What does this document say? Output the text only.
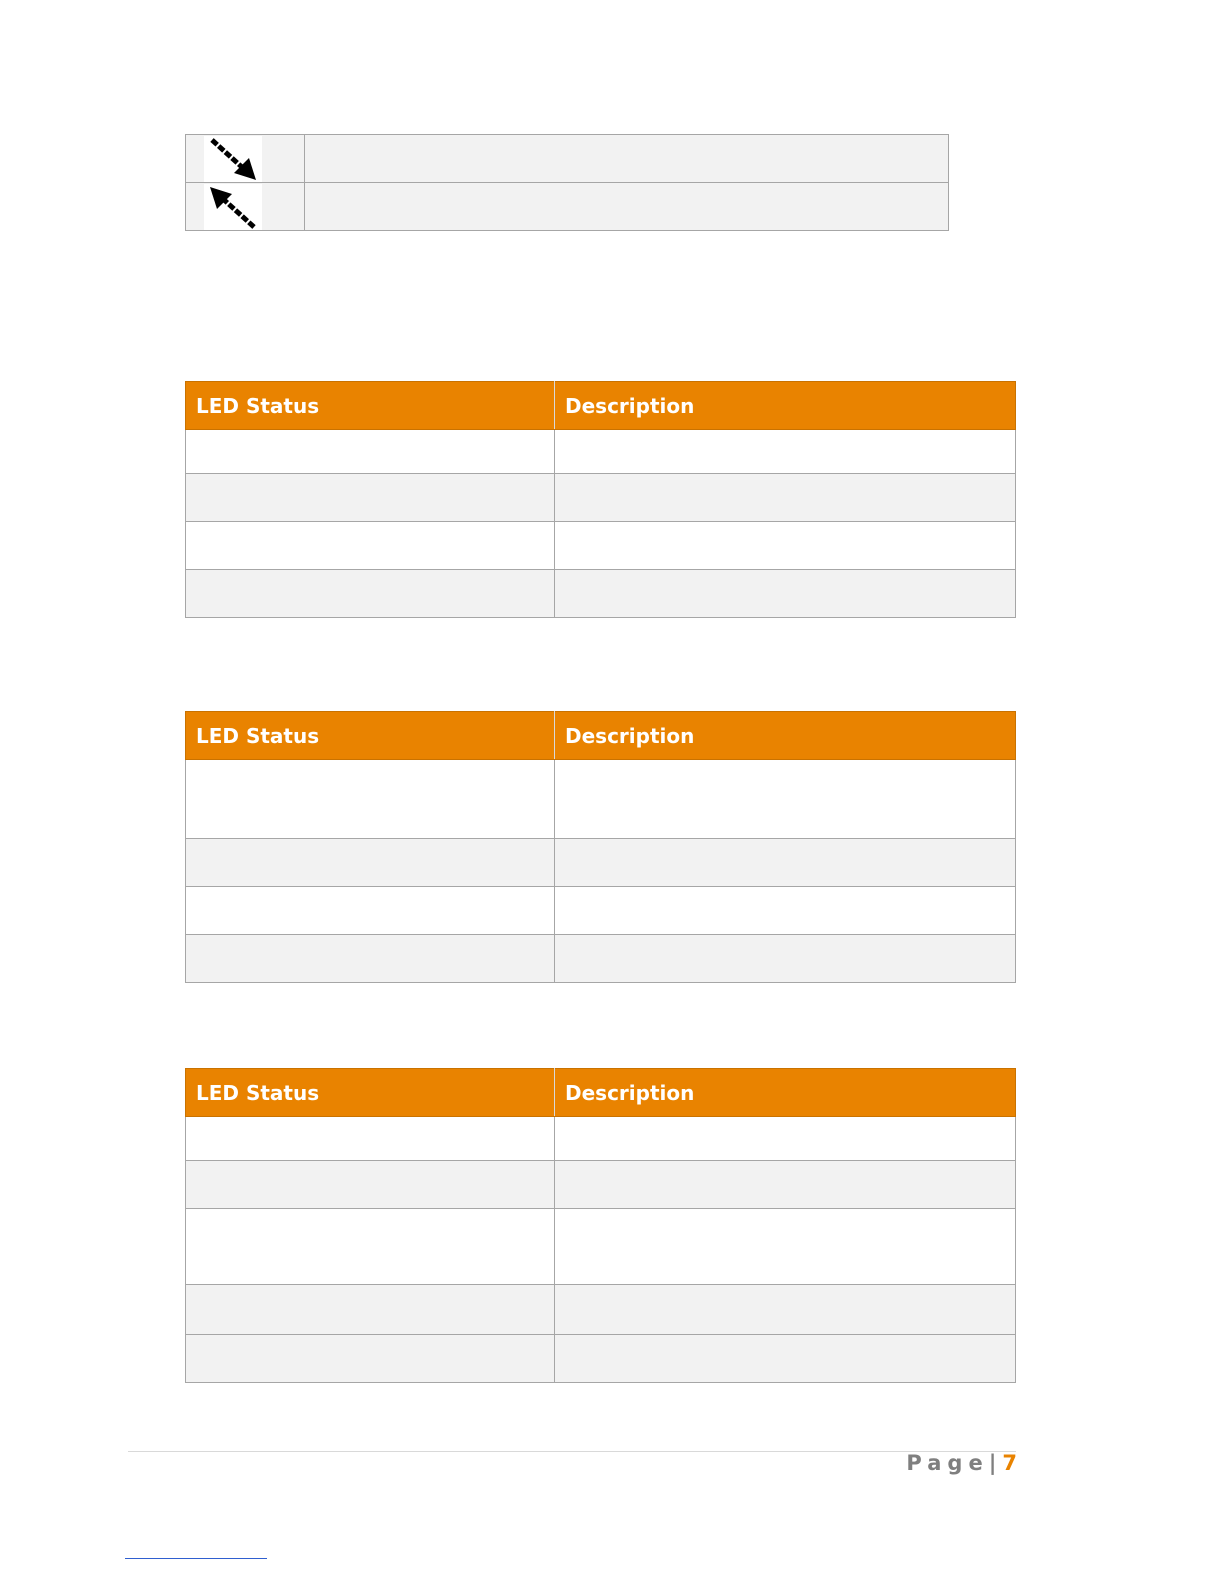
LED Status	Description

LED Status	Description

LED Status	Description

Page|7
